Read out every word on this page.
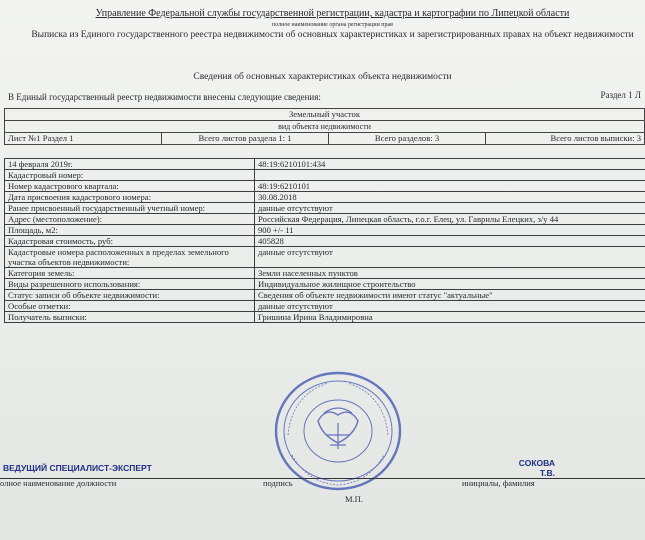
Управление Федеральной службы государственной регистрации, кадастра и картографии по Липецкой области
полное наименование органа регистрации прав
Выписка из Единого государственного реестра недвижимости об основных характеристиках и зарегистрированных правах на объект недвижимости
Сведения об основных характеристиках объекта недвижимости
В Единый государственный реестр недвижимости внесены следующие сведения:	Раздел 1 Л
Земельный участок
вид объекта недвижимости
Лист №1 Раздел 1	Всего листов раздела 1: 1	Всего разделов: 3	Всего листов выписки: 3
14 февраля 2019г.	48:19:6210101:434
Кадастровый номер:	
Номер кадастрового квартала:	48:19:6210101
Дата присвоения кадастрового номера:	30.08.2018
Ранее присвоенный государственный учетный номер:	данные отсутствуют
Адрес (местоположение):	Российская Федерация, Липецкая область, г.о.г. Елец, ул. Гаврилы Елецких, з/у 44
Площадь, м2:	900 +/- 11
Кадастровая стоимость, руб:	405828
Кадастровые номера расположенных в пределах земельного участка объектов недвижимости:	данные отсутствуют
Категория земель:	Земли населенных пунктов
Виды разрешенного использования:	Индивидуальное жилищное строительство
Статус записи об объекте недвижимости:	Сведения об объекте недвижимости имеют статус "актуальные"
Особые отметки:	данные отсутствуют
Получатель выписки:	Гришина Ирина Владимировна
ВЕДУЩИЙ СПЕЦИАЛИСТ-ЭКСПЕРТ				СОКОВА Т.В.
олное наименование должности	подпись	инициалы, фамилия
М.П.
